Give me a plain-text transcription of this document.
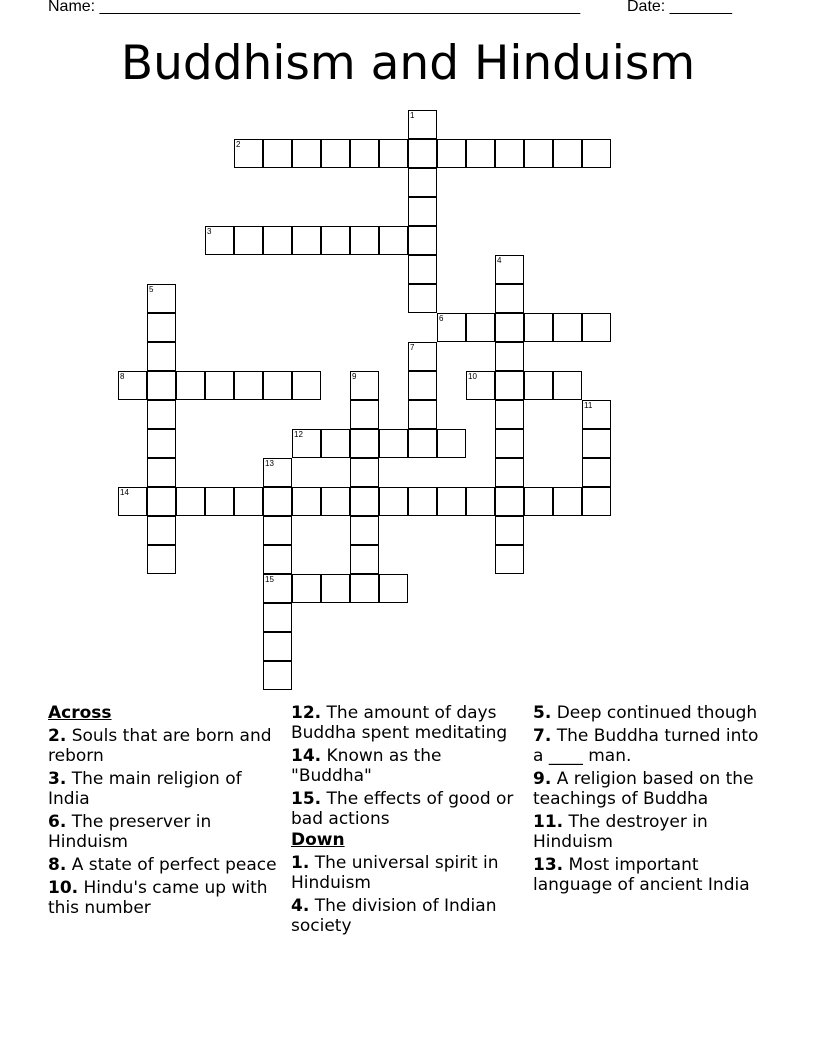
Name: ______________________________________________________	Date: _______
Buddhism and Hinduism
1
2
3
4
5
6
7
8	9	10
11
12
13
15
14
Across
2. Souls that are born and reborn
3. The main religion of India
6. The preserver in Hinduism
8. A state of perfect peace
10. Hindu's came up with this number
12. The amount of days Buddha spent meditating
14. Known as the "Buddha"
15. The effects of good or bad actions
Down
1. The universal spirit in Hinduism
4. The division of Indian society
5. Deep continued though
7. The Buddha turned into a ____ man.
9. A religion based on the teachings of Buddha
11. The destroyer in Hinduism
13. Most important language of ancient India
